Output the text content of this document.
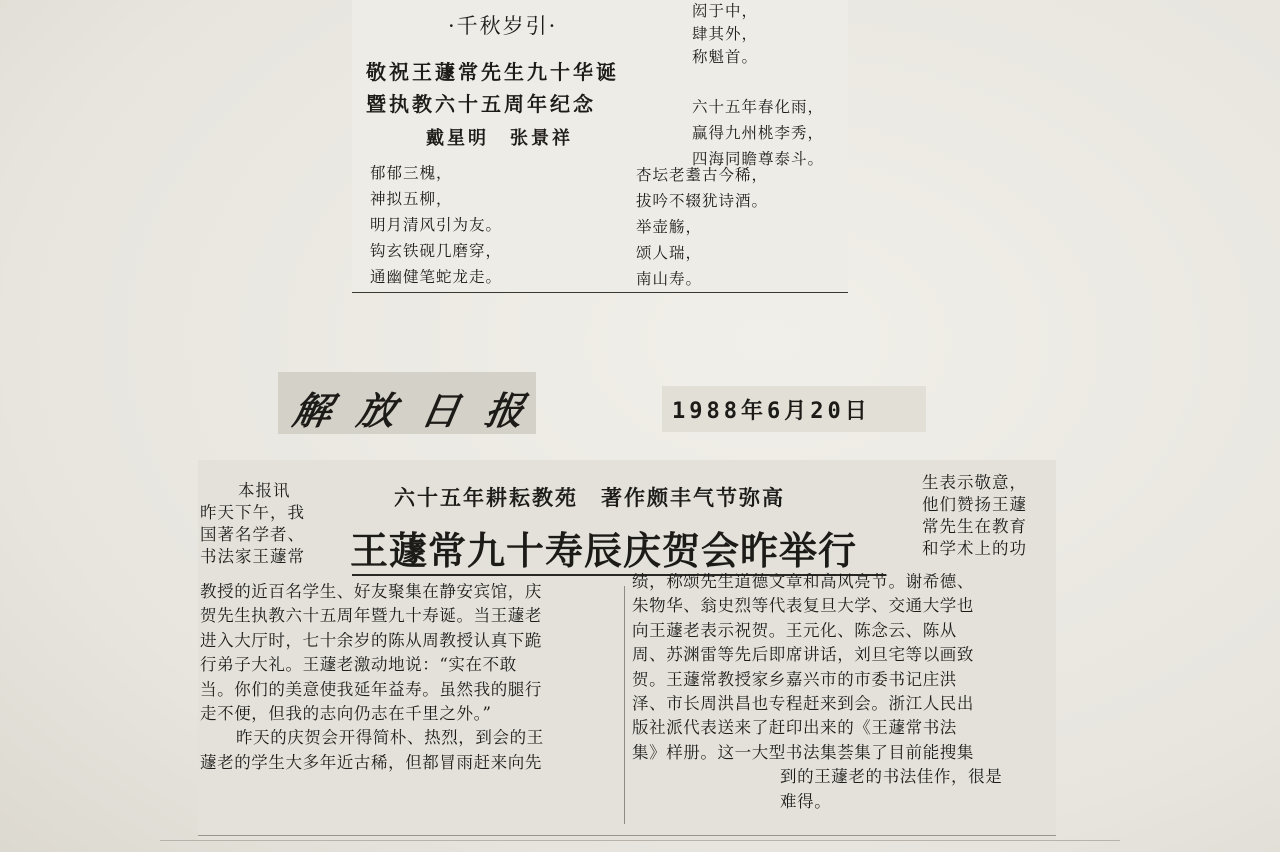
·千秋岁引·
敬祝王蘧常先生九十华诞
暨执教六十五周年纪念
戴星明　张景祥
闳于中，
肆其外，
称魁首。
六十五年春化雨，
赢得九州桃李秀，
四海同瞻尊泰斗。
郁郁三槐，
神拟五柳，
明月清风引为友。
钩玄铁砚几磨穿，
通幽健笔蛇龙走。
杏坛老耋古今稀，
拔吟不辍犹诗酒。
举壶觞，
颂人瑞，
南山寿。
解放日报	1988年6月20日
本报讯
昨天下午，我
国著名学者、
书法家王蘧常
六十五年耕耘教苑　著作颇丰气节弥高
王蘧常九十寿辰庆贺会昨举行
生表示敬意，
他们赞扬王蘧
常先生在教育
和学术上的功
教授的近百名学生、好友聚集在静安宾馆，庆
贺先生执教六十五周年暨九十寿诞。当王蘧老
进入大厅时，七十余岁的陈从周教授认真下跪
行弟子大礼。王蘧老激动地说：“实在不敢
当。你们的美意使我延年益寿。虽然我的腿行
走不便，但我的志向仍志在千里之外。”
昨天的庆贺会开得简朴、热烈，到会的王
蘧老的学生大多年近古稀，但都冒雨赶来向先
绩，称颂先生道德文章和高风亮节。谢希德、
朱物华、翁史烈等代表复旦大学、交通大学也
向王蘧老表示祝贺。王元化、陈念云、陈从
周、苏渊雷等先后即席讲话，刘旦宅等以画致
贺。王蘧常教授家乡嘉兴市的市委书记庄洪
泽、市长周洪昌也专程赶来到会。浙江人民出
版社派代表送来了赶印出来的《王蘧常书法
集》样册。这一大型书法集荟集了目前能搜集
到的王蘧老的书法佳作，很是
难得。
